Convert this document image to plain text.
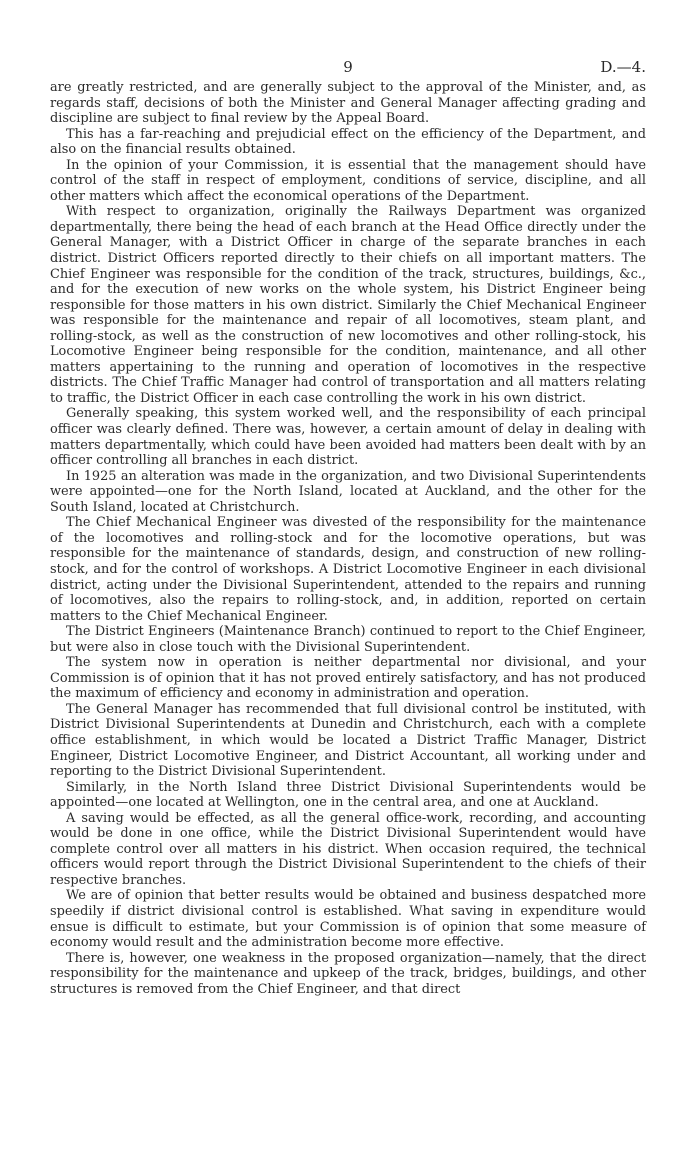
9	D.—4.

are greatly restricted, and are generally subject to the approval of the Minister, and, as regards staff, decisions of both the Minister and General Manager affecting grading and discipline are subject to final review by the Appeal Board.

This has a far-reaching and prejudicial effect on the efficiency of the Department, and also on the financial results obtained.

In the opinion of your Commission, it is essential that the management should have control of the staff in respect of employment, conditions of service, discipline, and all other matters which affect the economical operations of the Department.

With respect to organization, originally the Railways Department was organized departmentally, there being the head of each branch at the Head Office directly under the General Manager, with a District Officer in charge of the separate branches in each district. District Officers reported directly to their chiefs on all important matters. The Chief Engineer was responsible for the condition of the track, structures, buildings, &c., and for the execution of new works on the whole system, his District Engineer being responsible for those matters in his own district. Similarly the Chief Mechanical Engineer was responsible for the maintenance and repair of all locomotives, steam plant, and rolling-stock, as well as the construction of new locomotives and other rolling-stock, his Locomotive Engineer being responsible for the condition, maintenance, and all other matters appertaining to the running and operation of locomotives in the respective districts. The Chief Traffic Manager had control of transportation and all matters relating to traffic, the District Officer in each case controlling the work in his own district.

Generally speaking, this system worked well, and the responsibility of each principal officer was clearly defined. There was, however, a certain amount of delay in dealing with matters departmentally, which could have been avoided had matters been dealt with by an officer controlling all branches in each district.

In 1925 an alteration was made in the organization, and two Divisional Superintendents were appointed—one for the North Island, located at Auckland, and the other for the South Island, located at Christchurch.

The Chief Mechanical Engineer was divested of the responsibility for the maintenance of the locomotives and rolling-stock and for the locomotive operations, but was responsible for the maintenance of standards, design, and construction of new rolling-stock, and for the control of workshops. A District Locomotive Engineer in each divisional district, acting under the Divisional Superintendent, attended to the repairs and running of locomotives, also the repairs to rolling-stock, and, in addition, reported on certain matters to the Chief Mechanical Engineer.

The District Engineers (Maintenance Branch) continued to report to the Chief Engineer, but were also in close touch with the Divisional Superintendent.

The system now in operation is neither departmental nor divisional, and your Commission is of opinion that it has not proved entirely satisfactory, and has not produced the maximum of efficiency and economy in administration and operation.

The General Manager has recommended that full divisional control be instituted, with District Divisional Superintendents at Dunedin and Christchurch, each with a complete office establishment, in which would be located a District Traffic Manager, District Engineer, District Locomotive Engineer, and District Accountant, all working under and reporting to the District Divisional Superintendent.

Similarly, in the North Island three District Divisional Superintendents would be appointed—one located at Wellington, one in the central area, and one at Auckland.

A saving would be effected, as all the general office-work, recording, and accounting would be done in one office, while the District Divisional Superintendent would have complete control over all matters in his district. When occasion required, the technical officers would report through the District Divisional Superintendent to the chiefs of their respective branches.

We are of opinion that better results would be obtained and business despatched more speedily if district divisional control is established. What saving in expenditure would ensue is difficult to estimate, but your Commission is of opinion that some measure of economy would result and the administration become more effective.

There is, however, one weakness in the proposed organization—namely, that the direct responsibility for the maintenance and upkeep of the track, bridges, buildings, and other structures is removed from the Chief Engineer, and that direct
